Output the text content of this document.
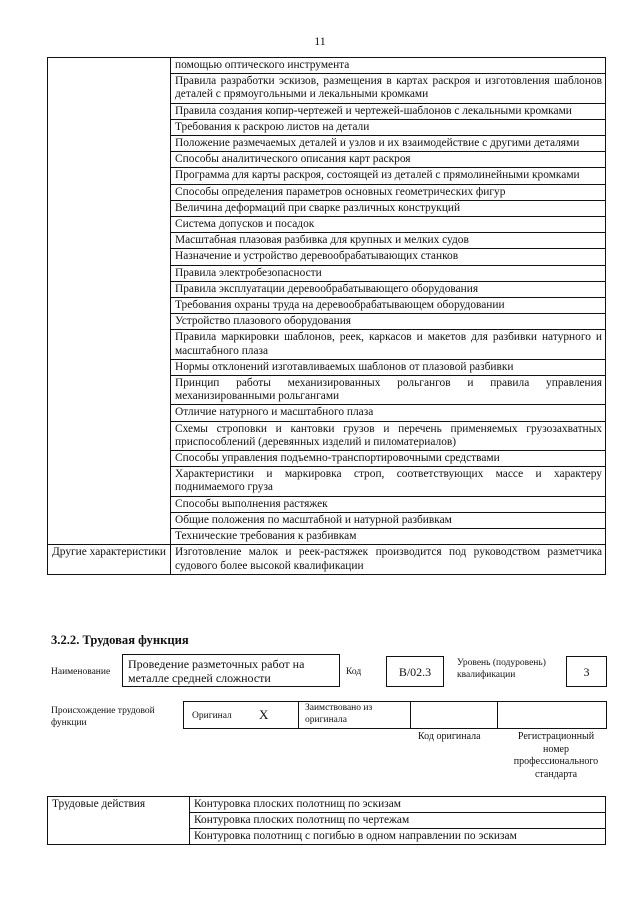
11
	помощью оптического инструмента
	Правила разработки эскизов, размещения в картах раскроя и изготовления шаблонов деталей с прямоугольными и лекальными кромками
	Правила создания копир-чертежей и чертежей-шаблонов с лекальными кромками
	Требования к раскрою листов на детали
	Положение размечаемых деталей и узлов и их взаимодействие с другими деталями
	Способы аналитического описания карт раскроя
	Программа для карты раскроя, состоящей из деталей с прямолинейными кромками
	Способы определения параметров основных геометрических фигур
	Величина деформаций при сварке различных конструкций
	Система допусков и посадок
	Масштабная плазовая разбивка для крупных и мелких судов
	Назначение и устройство деревообрабатывающих станков
	Правила электробезопасности
	Правила эксплуатации деревообрабатывающего оборудования
	Требования охраны труда на деревообрабатывающем оборудовании
	Устройство плазового оборудования
	Правила маркировки шаблонов, реек, каркасов и макетов для разбивки натурного и масштабного плаза
	Нормы отклонений изготавливаемых шаблонов от плазовой разбивки
	Принцип работы механизированных рольгангов и правила управления механизированными рольгангами
	Отличие натурного и масштабного плаза
	Схемы строповки и кантовки грузов и перечень применяемых грузозахватных приспособлений (деревянных изделий и пиломатериалов)
	Способы управления подъемно-транспортировочными средствами
	Характеристики и маркировка строп, соответствующих массе и характеру поднимаемого груза
	Способы выполнения растяжек
	Общие положения по масштабной и натурной разбивкам
	Технические требования к разбивкам
Другие характеристики	Изготовление малок и реек-растяжек производится под руководством разметчика судового более высокой квалификации
3.2.2. Трудовая функция
Наименование
Проведение разметочных работ на металле средней сложности	Код	B/02.3
Уровень (подуровень) квалификации	3
Происхождение трудовой функции
Оригинал X	Заимствовано из оригинала
Код оригинала	Регистрационный номер профессионального стандарта
Трудовые действия	Контуровка плоских полотнищ по эскизам
Контуровка плоских полотнищ по чертежам
Контуровка полотнищ с погибью в одном направлении по эскизам
